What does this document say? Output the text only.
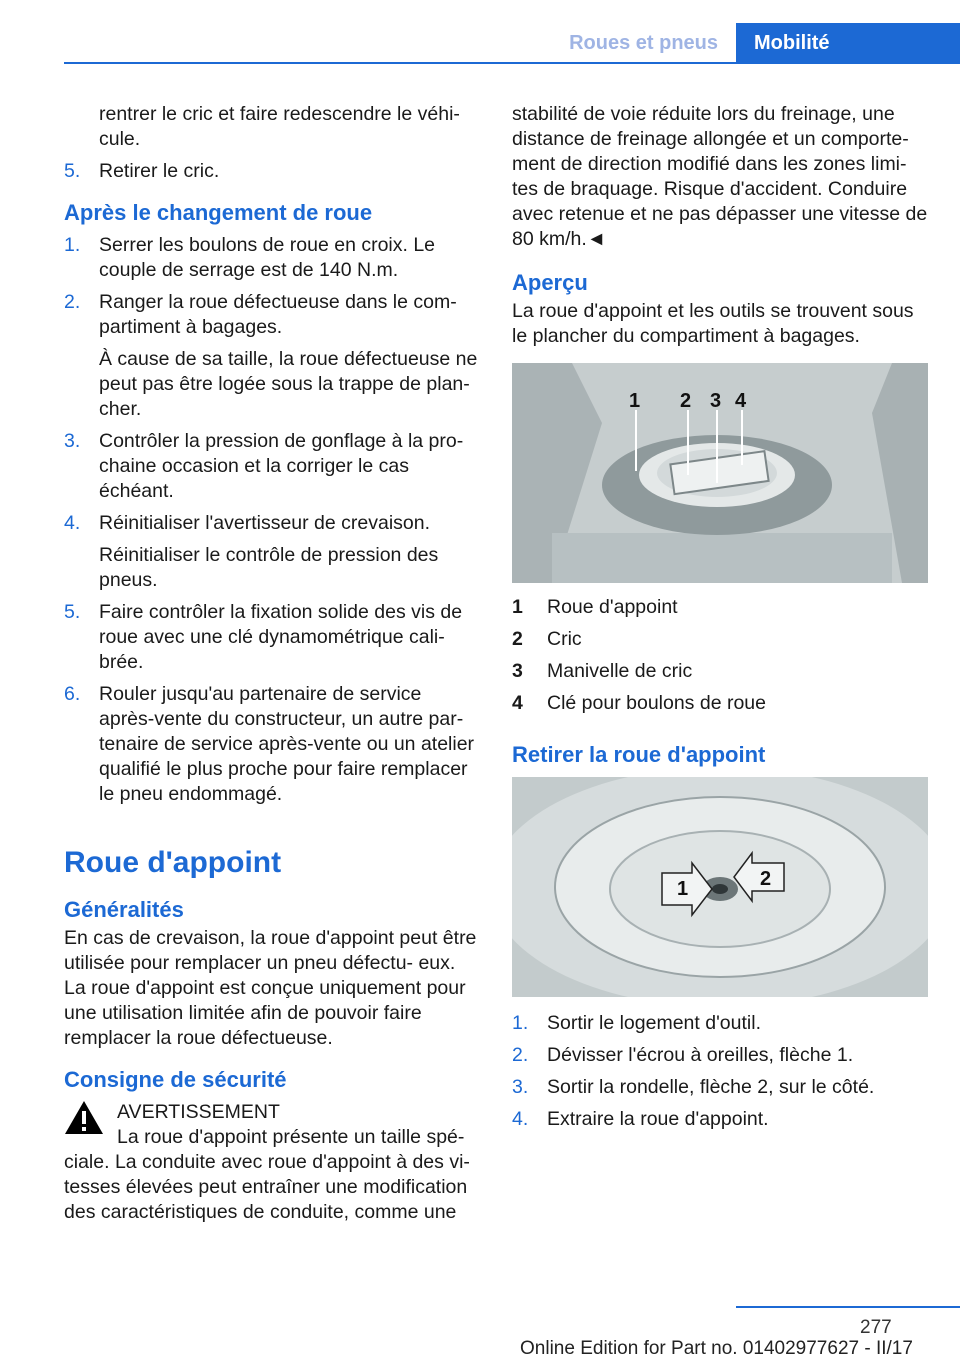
Roues et pneus	Mobilité
rentrer le cric et faire redescendre le véhi‐ cule.
5. Retirer le cric.
Après le changement de roue
1. Serrer les boulons de roue en croix. Le couple de serrage est de 140 N.m.
2. Ranger la roue défectueuse dans le com‐ partiment à bagages.
À cause de sa taille, la roue défectueuse ne peut pas être logée sous la trappe de plan‐ cher.
3. Contrôler la pression de gonflage à la pro‐ chaine occasion et la corriger le cas échéant.
4. Réinitialiser l'avertisseur de crevaison.
Réinitialiser le contrôle de pression des pneus.
5. Faire contrôler la fixation solide des vis de roue avec une clé dynamométrique cali‐ brée.
6. Rouler jusqu'au partenaire de service après-vente du constructeur, un autre par‐ tenaire de service après-vente ou un atelier qualifié le plus proche pour faire remplacer le pneu endommagé.
Roue d'appoint
Généralités
En cas de crevaison, la roue d'appoint peut être utilisée pour remplacer un pneu défectu‐ eux. La roue d'appoint est conçue uniquement pour une utilisation limitée afin de pouvoir faire remplacer la roue défectueuse.
Consigne de sécurité
AVERTISSEMENT
La roue d'appoint présente un taille spé‐
ciale. La conduite avec roue d'appoint à des vi‐ tesses élevées peut entraîner une modification des caractéristiques de conduite, comme une
stabilité de voie réduite lors du freinage, une distance de freinage allongée et un comporte‐ ment de direction modifié dans les zones limi‐ tes de braquage. Risque d'accident. Conduire avec retenue et ne pas dépasser une vitesse de 80 km/h.◄
Aperçu
La roue d'appoint et les outils se trouvent sous le plancher du compartiment à bagages.
1 2 3 4
1	Roue d'appoint
2	Cric
3	Manivelle de cric
4	Clé pour boulons de roue
Retirer la roue d'appoint
1	2
1. Sortir le logement d'outil.
2. Dévisser l'écrou à oreilles, flèche 1.
3. Sortir la rondelle, flèche 2, sur le côté.
4. Extraire la roue d'appoint.
277
Online Edition for Part no. 01402977627 - II/17
